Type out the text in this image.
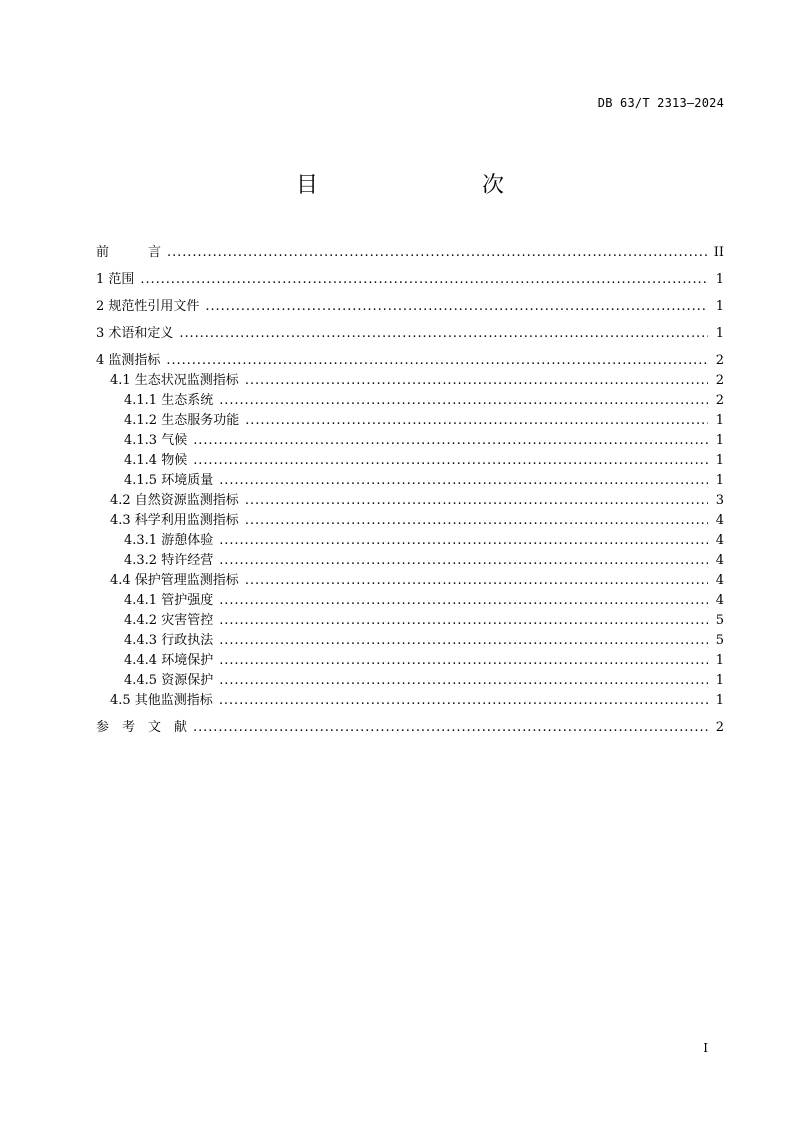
DB 63/T 2313—2024
目　　次
前　　　言 . . .	II
1 范围 . . .	1
2 规范性引用文件 . . .	1
3 术语和定义 . . .	1
4 监测指标 . . .	2
4.1 生态状况监测指标 . . .	2
4.1.1 生态系统 . . .	2
4.1.2 生态服务功能 . . .	1
4.1.3 气候 . . .	1
4.1.4 物候 . . .	1
4.1.5 环境质量 . . .	1
4.2 自然资源监测指标 . . .	3
4.3 科学利用监测指标 . . .	4
4.3.1 游憩体验 . . .	4
4.3.2 特许经营 . . .	4
4.4 保护管理监测指标 . . .	4
4.4.1 管护强度 . . .	4
4.4.2 灾害管控 . . .	5
4.4.3 行政执法 . . .	5
4.4.4 环境保护 . . .	1
4.4.5 资源保护 . . .	1
4.5 其他监测指标 . . .	1
参　考　文　献 . . .	2
I
